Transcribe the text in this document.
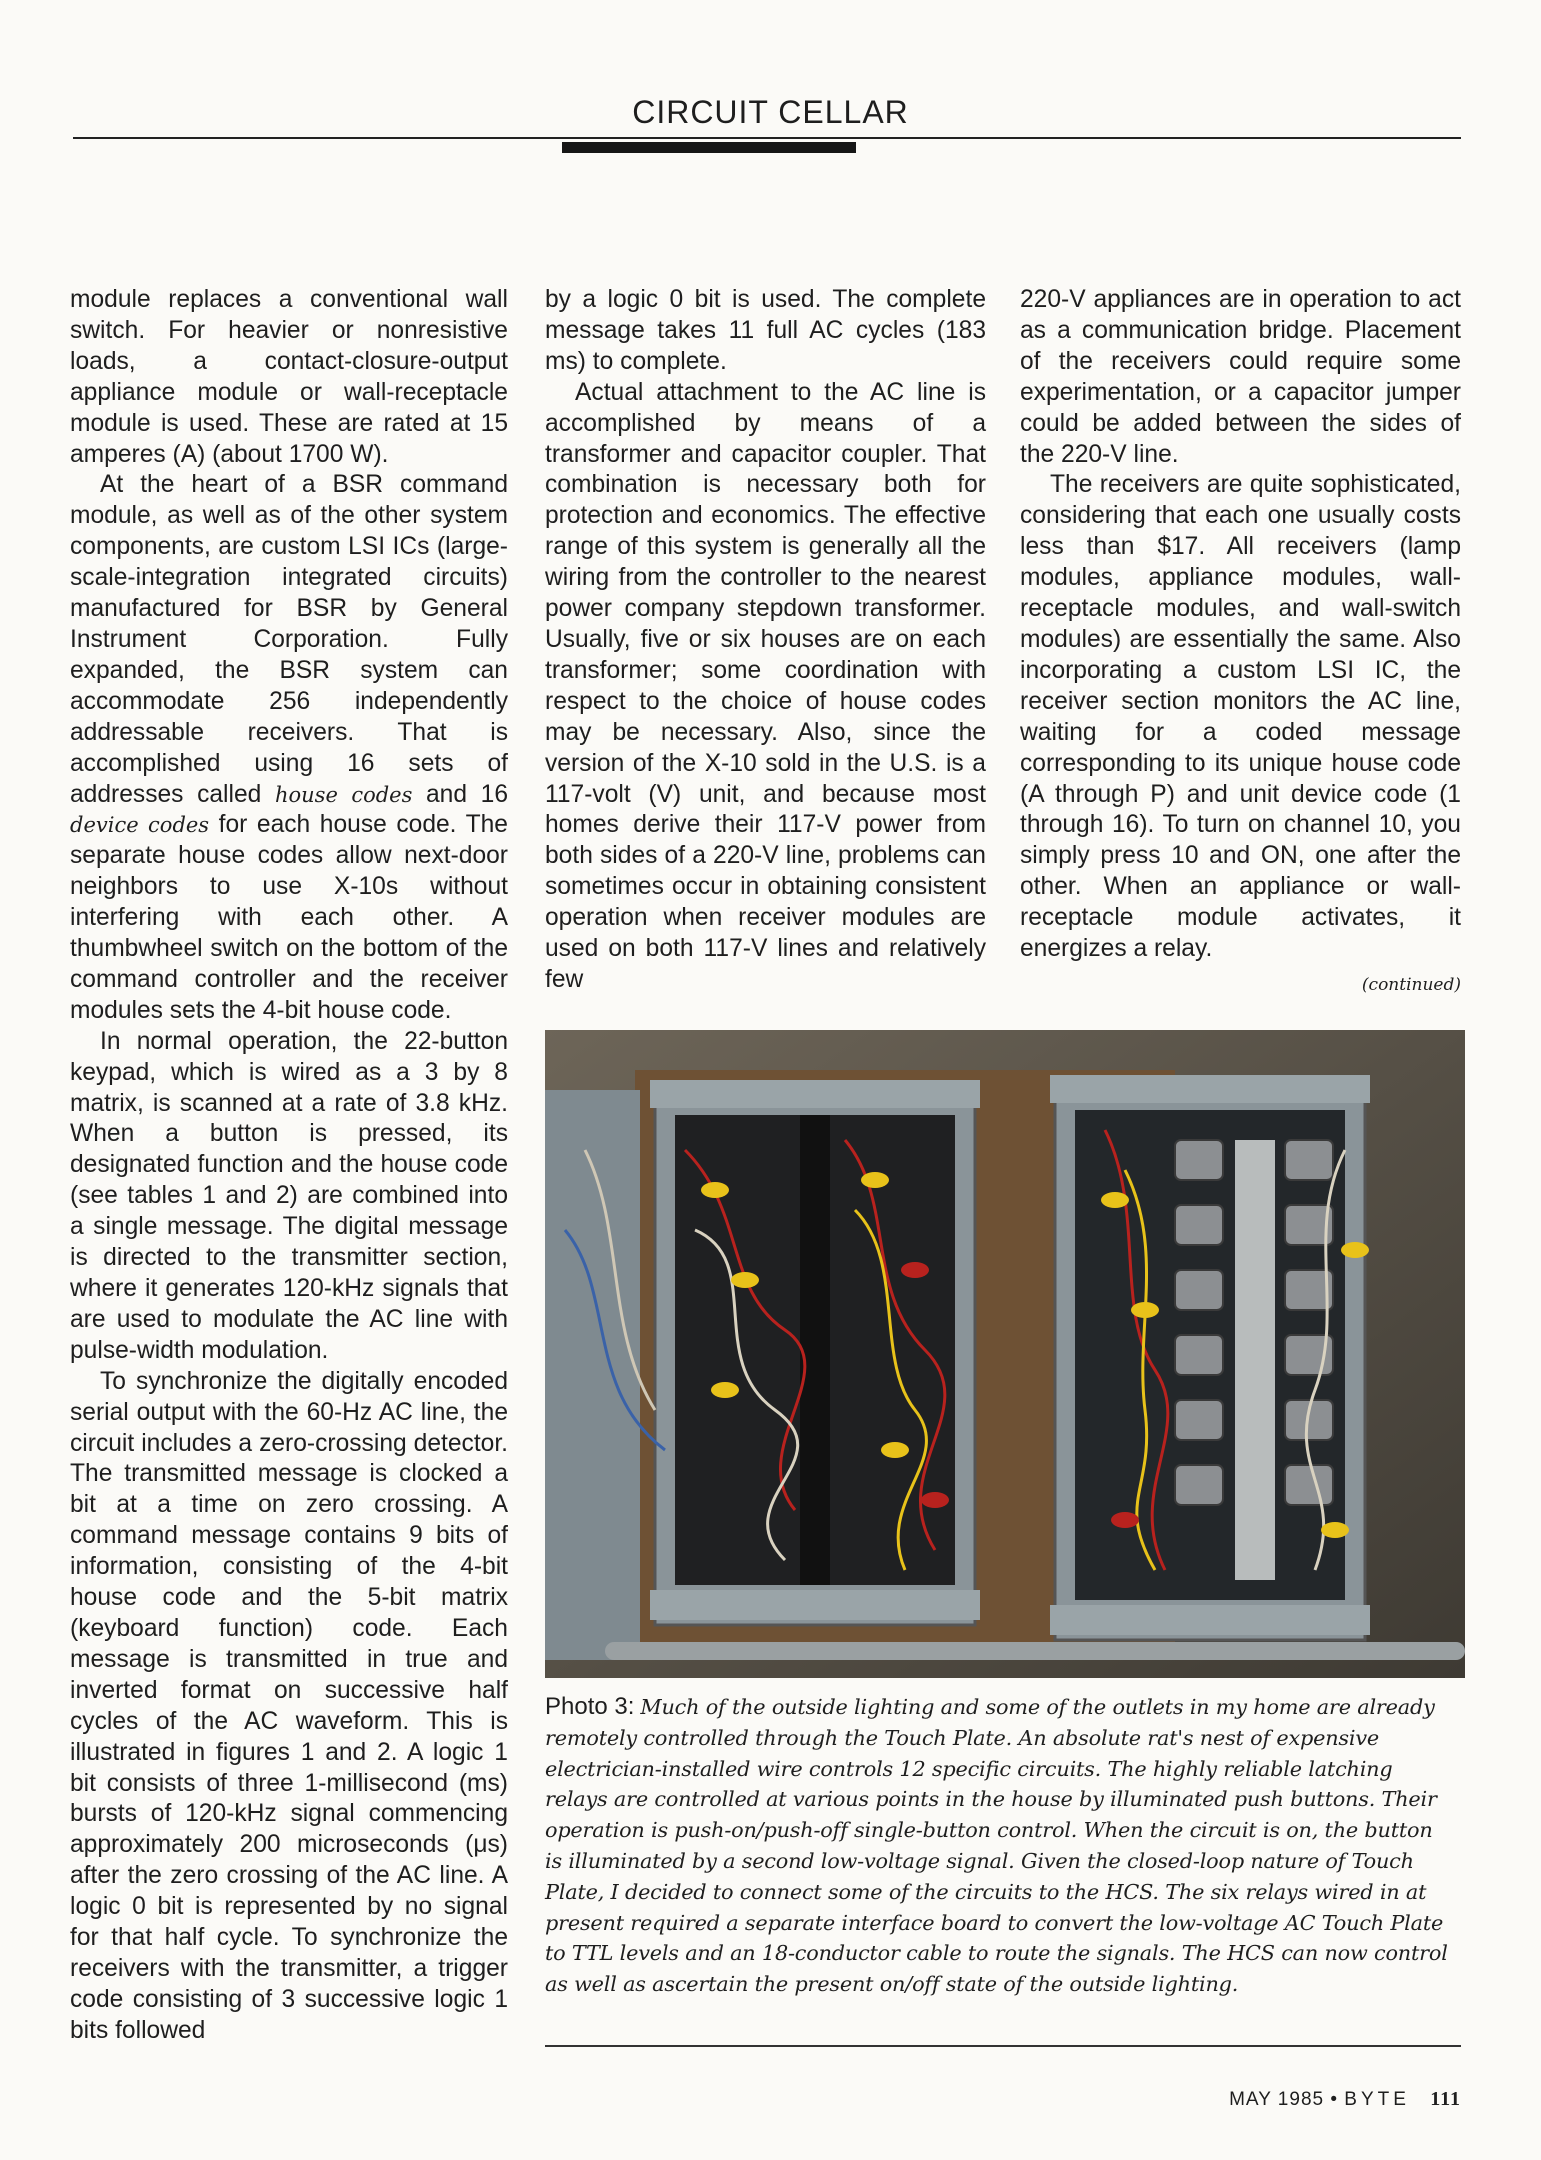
CIRCUIT CELLAR

module replaces a conventional wall switch. For heavier or nonresistive loads, a contact-closure-output appliance module or wall-receptacle module is used. These are rated at 15 amperes (A) (about 1700 W).

At the heart of a BSR command module, as well as of the other system components, are custom LSI ICs (large-scale-integration integrated circuits) manufactured for BSR by General Instrument Corporation. Fully expanded, the BSR system can accommodate 256 independently addressable receivers. That is accomplished using 16 sets of addresses called house codes and 16 device codes for each house code. The separate house codes allow next-door neighbors to use X-10s without interfering with each other. A thumbwheel switch on the bottom of the command controller and the receiver modules sets the 4-bit house code.

In normal operation, the 22-button keypad, which is wired as a 3 by 8 matrix, is scanned at a rate of 3.8 kHz. When a button is pressed, its designated function and the house code (see tables 1 and 2) are combined into a single message. The digital message is directed to the transmitter section, where it generates 120-kHz signals that are used to modulate the AC line with pulse-width modulation.

To synchronize the digitally encoded serial output with the 60-Hz AC line, the circuit includes a zero-crossing detector. The transmitted message is clocked a bit at a time on zero crossing. A command message contains 9 bits of information, consisting of the 4-bit house code and the 5-bit matrix (keyboard function) code. Each message is transmitted in true and inverted format on successive half cycles of the AC waveform. This is illustrated in figures 1 and 2. A logic 1 bit consists of three 1-millisecond (ms) bursts of 120-kHz signal commencing approximately 200 microseconds (μs) after the zero crossing of the AC line. A logic 0 bit is represented by no signal for that half cycle. To synchronize the receivers with the transmitter, a trigger code consisting of 3 successive logic 1 bits followed

by a logic 0 bit is used. The complete message takes 11 full AC cycles (183 ms) to complete.

Actual attachment to the AC line is accomplished by means of a transformer and capacitor coupler. That combination is necessary both for protection and economics. The effective range of this system is generally all the wiring from the controller to the nearest power company stepdown transformer. Usually, five or six houses are on each transformer; some coordination with respect to the choice of house codes may be necessary. Also, since the version of the X-10 sold in the U.S. is a 117-volt (V) unit, and because most homes derive their 117-V power from both sides of a 220-V line, problems can sometimes occur in obtaining consistent operation when receiver modules are used on both 117-V lines and relatively few

220-V appliances are in operation to act as a communication bridge. Placement of the receivers could require some experimentation, or a capacitor jumper could be added between the sides of the 220-V line.

The receivers are quite sophisticated, considering that each one usually costs less than $17. All receivers (lamp modules, appliance modules, wall-receptacle modules, and wall-switch modules) are essentially the same. Also incorporating a custom LSI IC, the receiver section monitors the AC line, waiting for a coded message corresponding to its unique house code (A through P) and unit device code (1 through 16). To turn on channel 10, you simply press 10 and ON, one after the other. When an appliance or wall-receptacle module activates, it energizes a relay.

(continued)
Photo 3: Much of the outside lighting and some of the outlets in my home are already remotely controlled through the Touch Plate. An absolute rat's nest of expensive electrician-installed wire controls 12 specific circuits. The highly reliable latching relays are controlled at various points in the house by illuminated push buttons. Their operation is push-on/push-off single-button control. When the circuit is on, the button is illuminated by a second low-voltage signal. Given the closed-loop nature of Touch Plate, I decided to connect some of the circuits to the HCS. The six relays wired in at present required a separate interface board to convert the low-voltage AC Touch Plate to TTL levels and an 18-conductor cable to route the signals. The HCS can now control as well as ascertain the present on/off state of the outside lighting.
MAY 1985 • BYTE 111
